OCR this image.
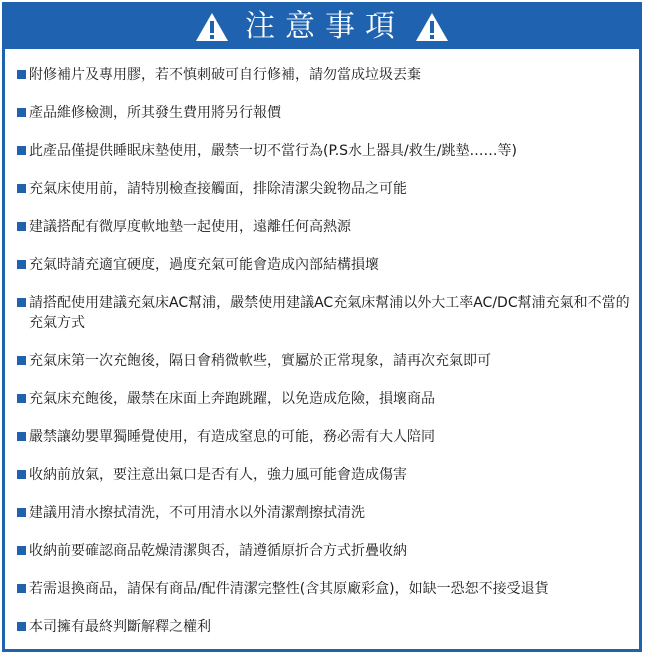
注意事項
附修補片及專用膠，若不慎刺破可自行修補，請勿當成垃圾丟棄
產品維修檢測，所其發生費用將另行報價
此產品僅提供睡眠床墊使用，嚴禁一切不當行為(P.S水上器具/救生/跳墊……等)
充氣床使用前，請特別檢查接觸面，排除清潔尖銳物品之可能
建議搭配有微厚度軟地墊一起使用，遠離任何高熱源
充氣時請充適宜硬度，過度充氣可能會造成內部結構損壞
請搭配使用建議充氣床AC幫浦，嚴禁使用建議AC充氣床幫浦以外大工率AC/DC幫浦充氣和不當的充氣方式
充氣床第一次充飽後，隔日會稍微軟些，實屬於正常現象，請再次充氣即可
充氣床充飽後，嚴禁在床面上奔跑跳躍，以免造成危險，損壞商品
嚴禁讓幼嬰單獨睡覺使用，有造成窒息的可能，務必需有大人陪同
收納前放氣，要注意出氣口是否有人，強力風可能會造成傷害
建議用清水擦拭清洗，不可用清水以外清潔劑擦拭清洗
收納前要確認商品乾燥清潔與否，請遵循原折合方式折疊收納
若需退換商品，請保有商品/配件清潔完整性(含其原廠彩盒)，如缺一恐恕不接受退貨
本司擁有最終判斷解釋之權利
